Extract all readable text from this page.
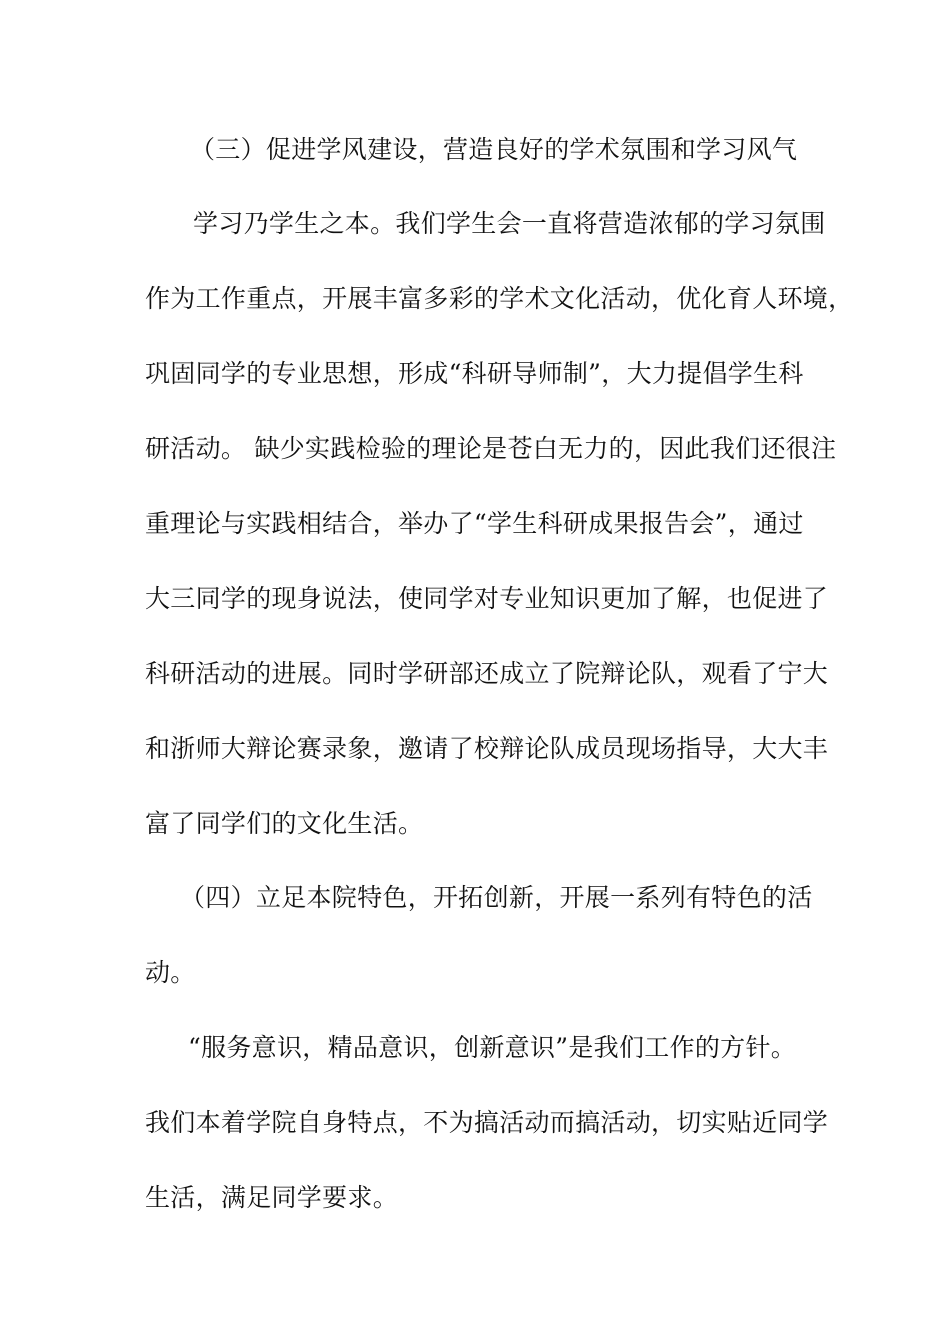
（三）促进学风建设，营造良好的学术氛围和学习风气
学习乃学生之本。我们学生会一直将营造浓郁的学习氛围
作为工作重点，开展丰富多彩的学术文化活动，优化育人环境，
巩固同学的专业思想，形成“科研导师制”，大力提倡学生科
研活动。 缺少实践检验的理论是苍白无力的，因此我们还很注
重理论与实践相结合，举办了“学生科研成果报告会”，通过
大三同学的现身说法，使同学对专业知识更加了解，也促进了
科研活动的进展。同时学研部还成立了院辩论队，观看了宁大
和浙师大辩论赛录象，邀请了校辩论队成员现场指导，大大丰
富了同学们的文化生活。
（四）立足本院特色，开拓创新，开展一系列有特色的活
动。
“服务意识，精品意识，创新意识”是我们工作的方针。
我们本着学院自身特点，不为搞活动而搞活动，切实贴近同学
生活，满足同学要求。
